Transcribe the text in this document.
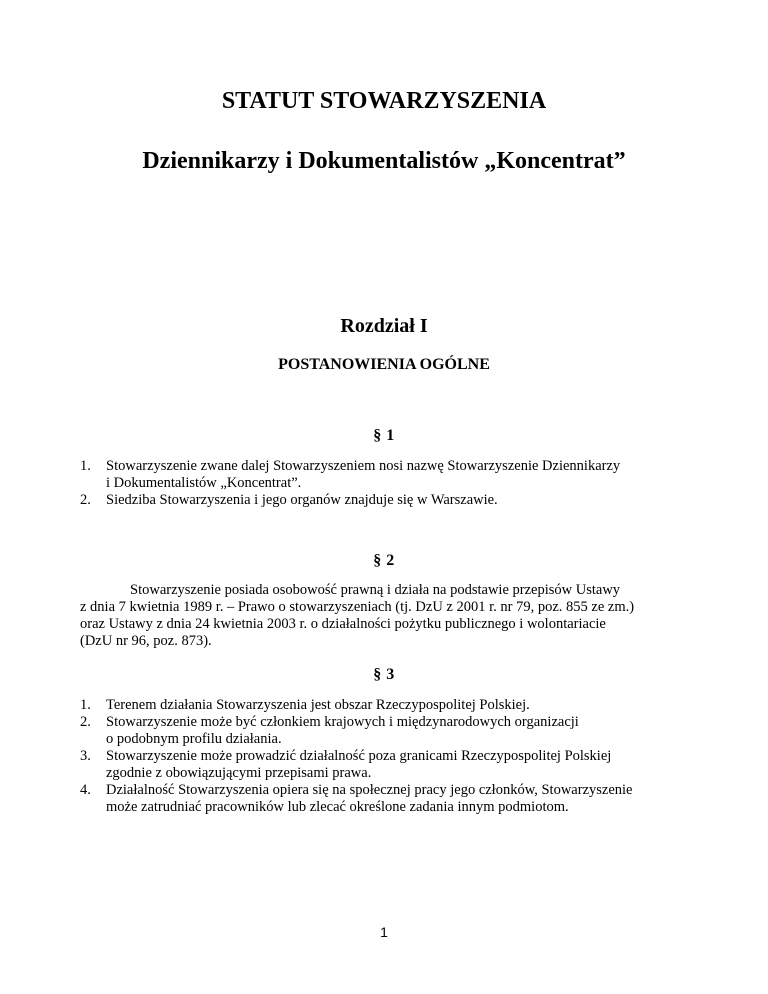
STATUT STOWARZYSZENIA
Dziennikarzy i Dokumentalistów „Koncentrat”
Rozdział I
POSTANOWIENIA OGÓLNE
§ 1
1. Stowarzyszenie zwane dalej Stowarzyszeniem nosi nazwę Stowarzyszenie Dziennikarzy
i Dokumentalistów „Koncentrat”.
2. Siedziba Stowarzyszenia i jego organów znajduje się w Warszawie.
§ 2
Stowarzyszenie posiada osobowość prawną i działa na podstawie przepisów Ustawy
z dnia 7 kwietnia 1989 r. – Prawo o stowarzyszeniach (tj. DzU z 2001 r. nr 79, poz. 855 ze zm.)
oraz Ustawy z dnia 24 kwietnia 2003 r. o działalności pożytku publicznego i wolontariacie
(DzU nr 96, poz. 873).
§ 3
1. Terenem działania Stowarzyszenia jest obszar Rzeczypospolitej Polskiej.
2. Stowarzyszenie może być członkiem krajowych i międzynarodowych organizacji
o podobnym profilu działania.
3. Stowarzyszenie może prowadzić działalność poza granicami Rzeczypospolitej Polskiej
zgodnie z obowiązującymi przepisami prawa.
4. Działalność Stowarzyszenia opiera się na społecznej pracy jego członków, Stowarzyszenie
może zatrudniać pracowników lub zlecać określone zadania innym podmiotom.
1
